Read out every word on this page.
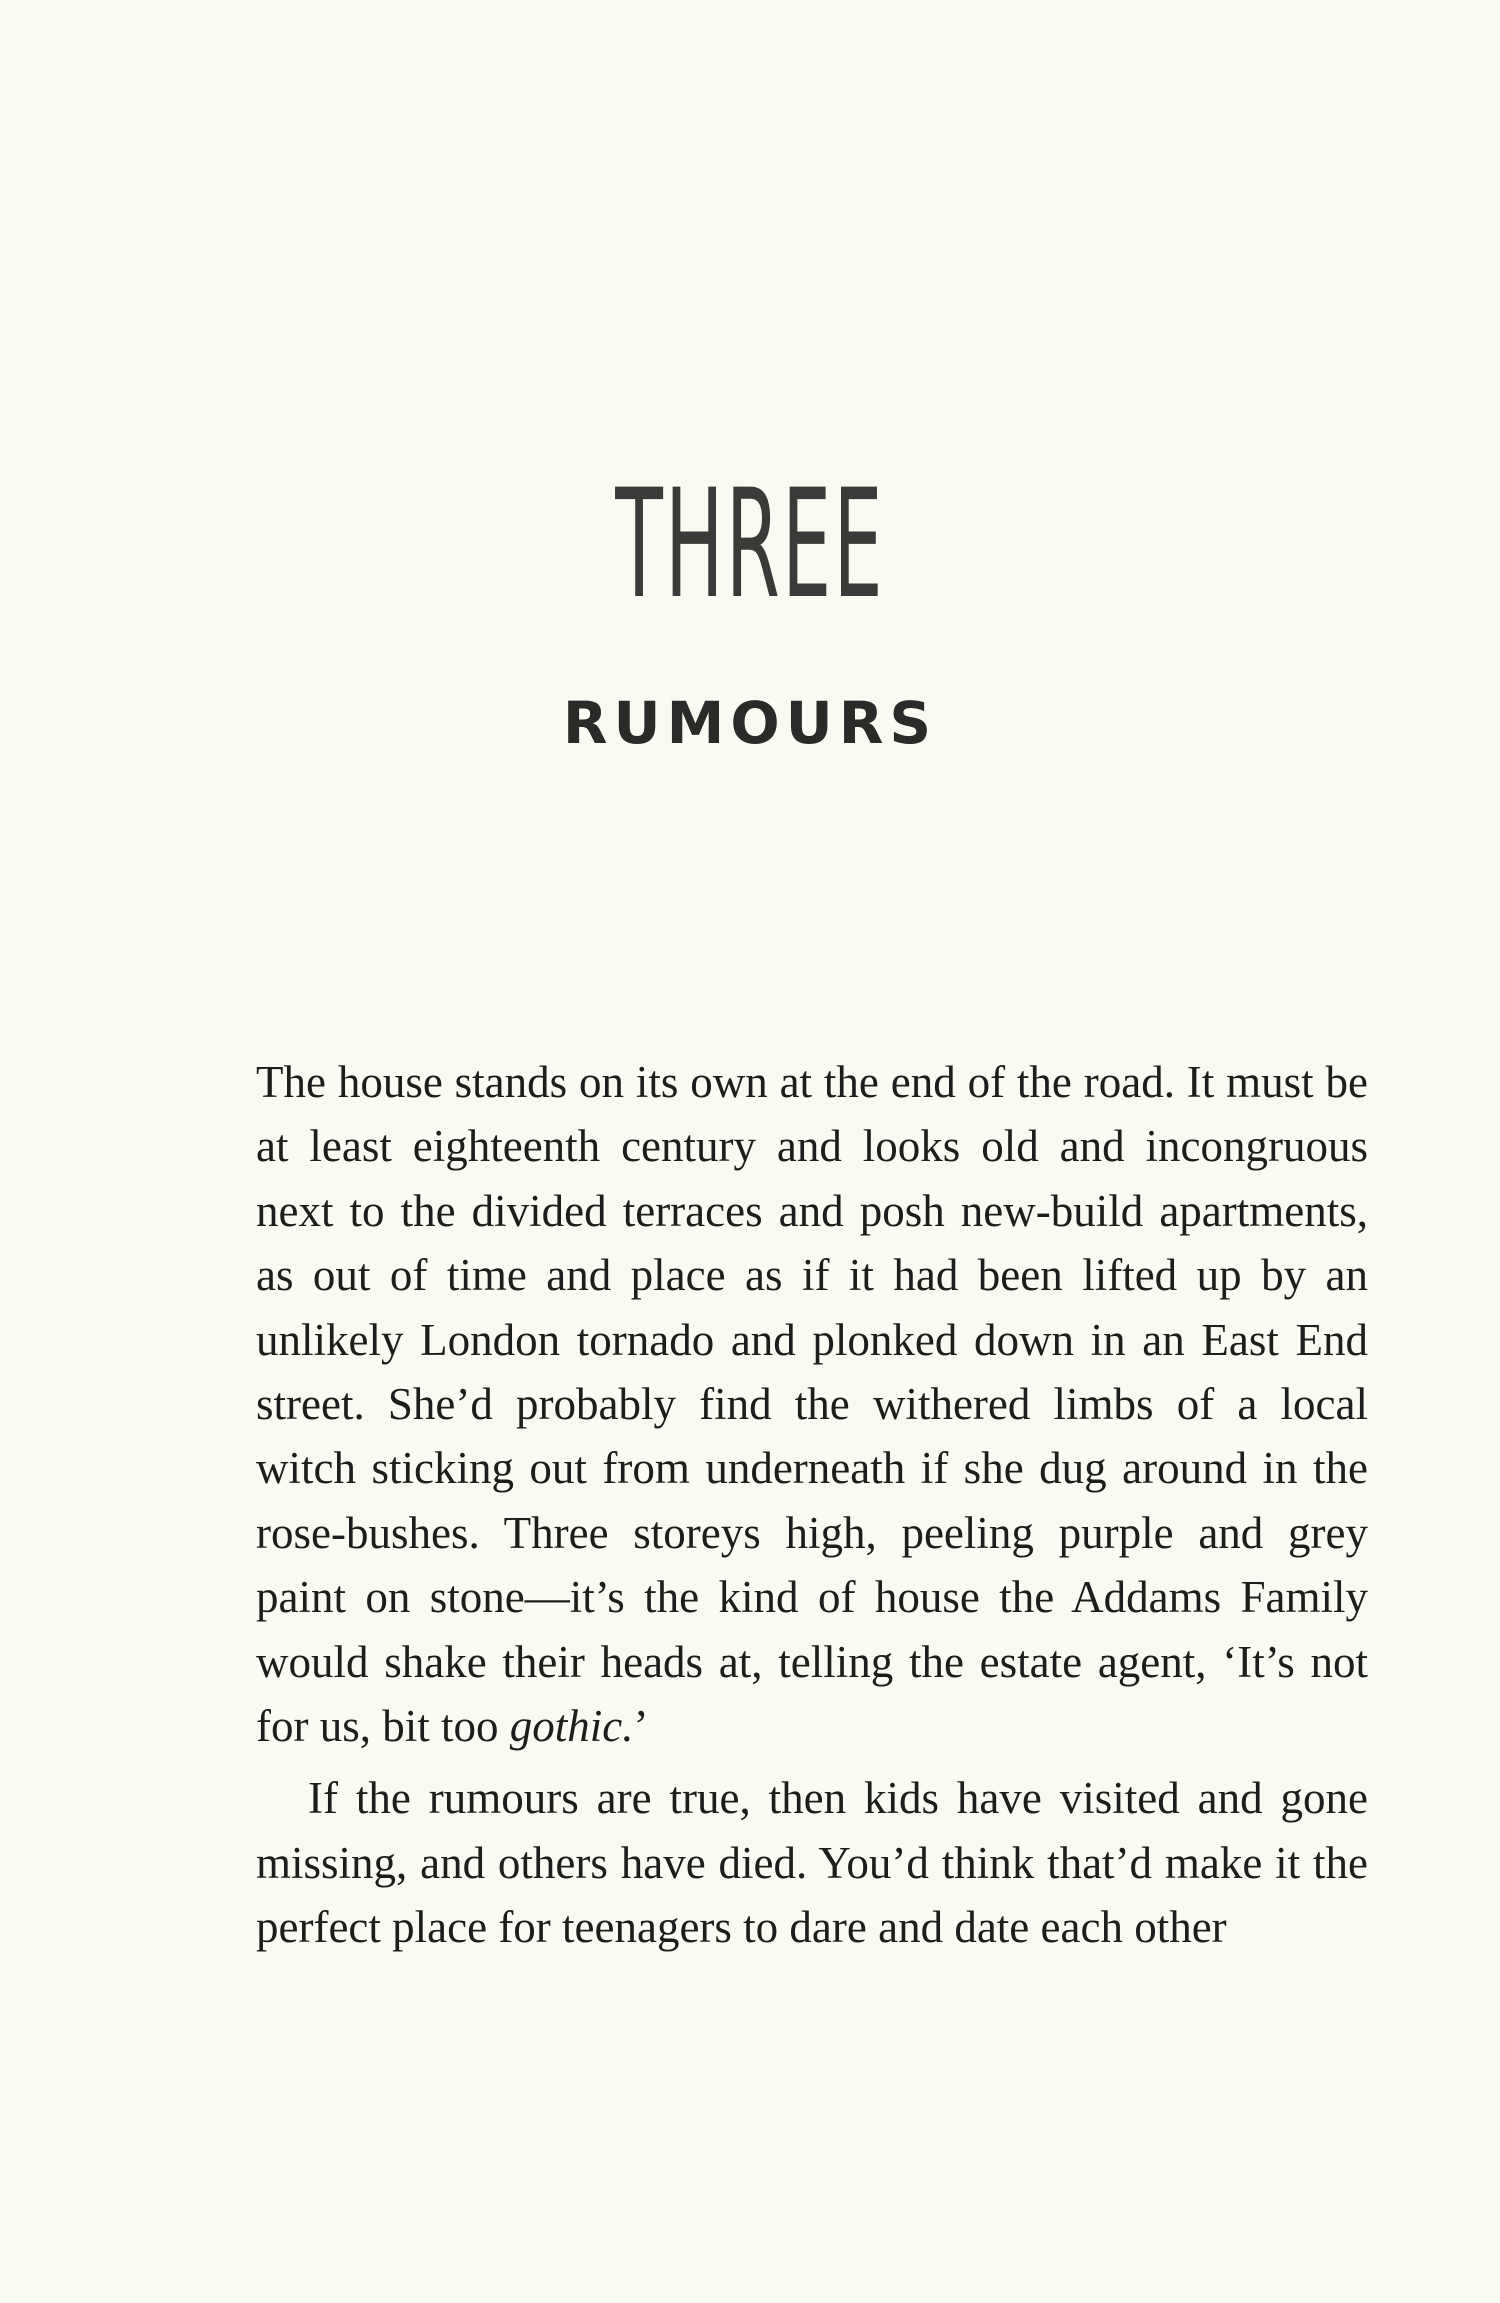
THREE
RUMOURS

The house stands on its own at the end of the road. It must be at least eighteenth century and looks old and incongruous next to the divided terraces and posh new-build apartments, as out of time and place as if it had been lifted up by an unlikely London tornado and plonked down in an East End street. She’d probably find the withered limbs of a local witch sticking out from underneath if she dug around in the rose-bushes. Three storeys high, peeling purple and grey paint on stone—it’s the kind of house the Addams Family would shake their heads at, telling the estate agent, ‘It’s not for us, bit too gothic.’

If the rumours are true, then kids have visited and gone missing, and others have died. You’d think that’d make it the perfect place for teenagers to dare and date each other
